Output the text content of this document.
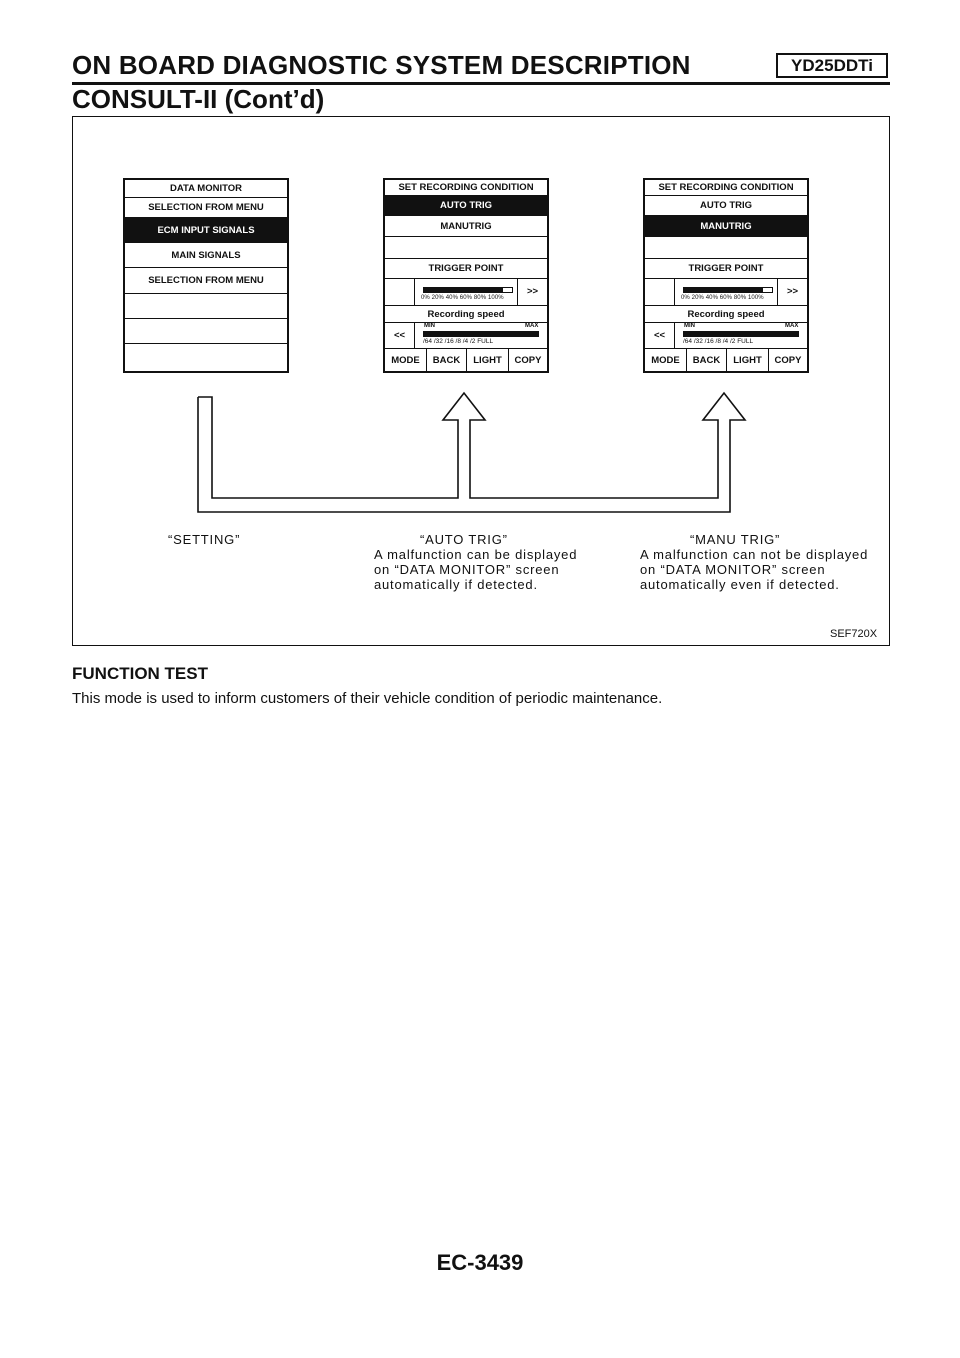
ON BOARD DIAGNOSTIC SYSTEM DESCRIPTION	YD25DDTi
CONSULT-II (Cont’d)
DATA MONITOR
SELECTION FROM MENU
ECM INPUT SIGNALS
MAIN SIGNALS
SELECTION FROM MENU
SET RECORDING CONDITION
AUTO TRIG
MANUTRIG
TRIGGER POINT
0% 20% 40% 60% 80% 100%
>>
Recording speed
<<
MIN	MAX
/64 /32 /16 /8 /4 /2 FULL
MODE	BACK	LIGHT	COPY
SET RECORDING CONDITION
AUTO TRIG
MANUTRIG
TRIGGER POINT
0% 20% 40% 60% 80% 100%
>>
Recording speed
<<
MIN	MAX
/64 /32 /16 /8 /4 /2 FULL
MODE	BACK	LIGHT	COPY
“SETTING”	“AUTO TRIG”
A malfunction can be displayed
on “DATA MONITOR” screen
automatically if detected.
“MANU TRIG”
A malfunction can not be displayed
on “DATA MONITOR” screen
automatically even if detected.
SEF720X
FUNCTION TEST
This mode is used to inform customers of their vehicle condition of periodic maintenance.
EC-3439
